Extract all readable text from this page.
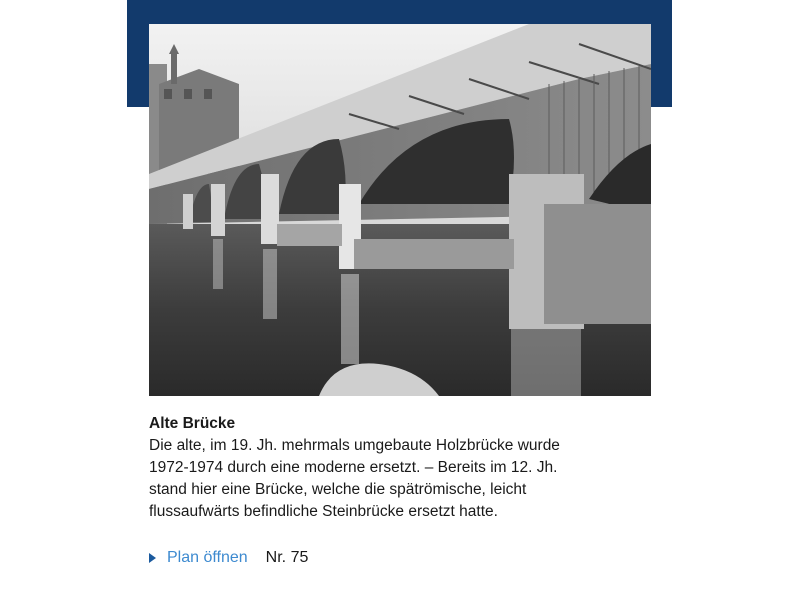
Alte Brücke
Die alte, im 19. Jh. mehrmals umgebaute Holzbrücke wurde
1972-1974 durch eine moderne ersetzt. – Bereits im 12. Jh.
stand hier eine Brücke, welche die spätrömische, leicht
flussaufwärts befindliche Steinbrücke ersetzt hatte.
Plan öffnen Nr. 75
